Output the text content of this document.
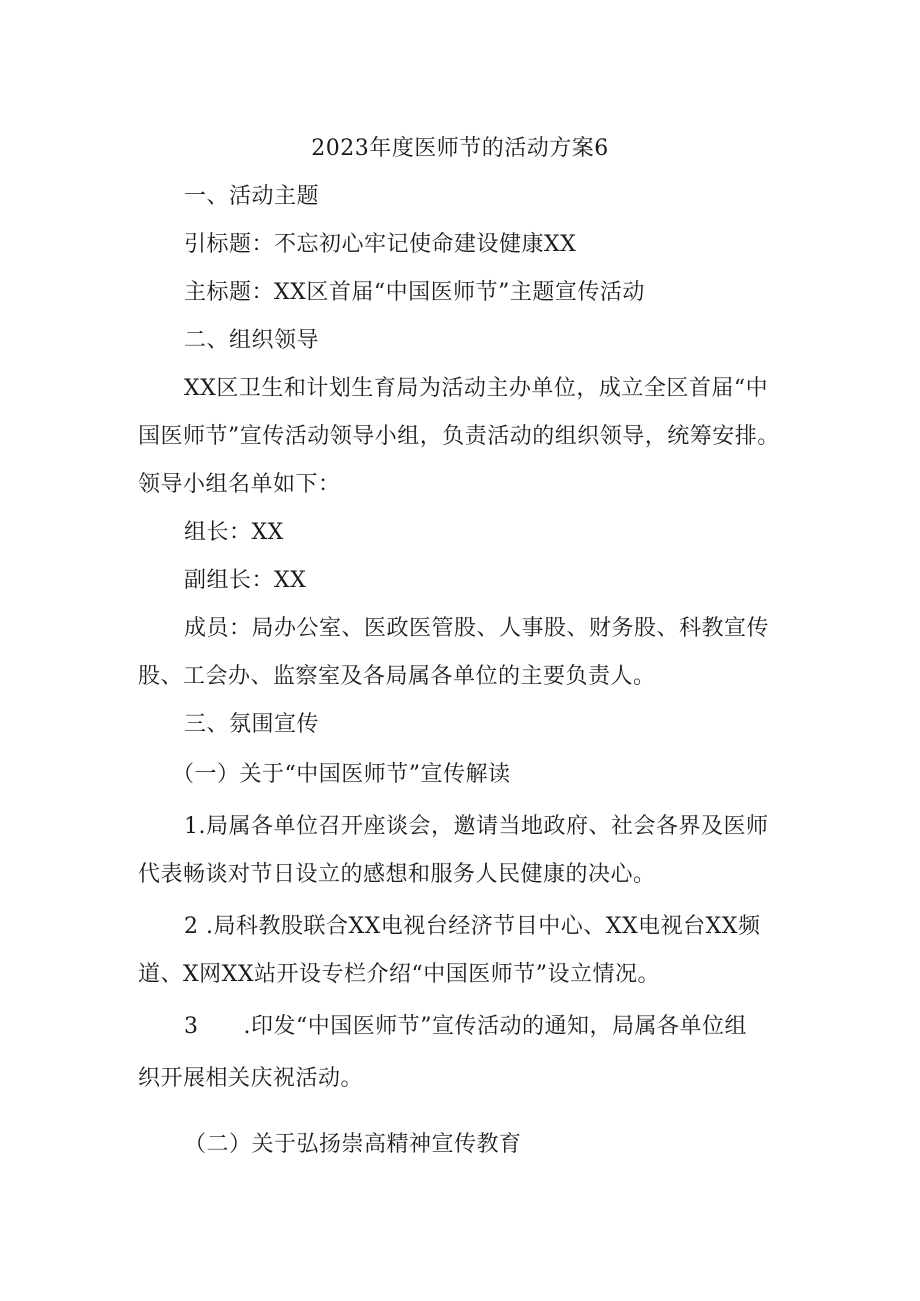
2023年度医师节的活动方案6
一、活动主题
引标题：不忘初心牢记使命建设健康XX
主标题：XX区首届“中国医师节”主题宣传活动
二、组织领导
XX区卫生和计划生育局为活动主办单位，成立全区首届“中
国医师节”宣传活动领导小组，负责活动的组织领导，统筹安排。
领导小组名单如下：
组长：XX
副组长：XX
成员：局办公室、医政医管股、人事股、财务股、科教宣传
股、工会办、监察室及各局属各单位的主要负责人。
三、氛围宣传
（一）关于“中国医师节”宣传解读
1.局属各单位召开座谈会，邀请当地政府、社会各界及医师
代表畅谈对节日设立的感想和服务人民健康的决心。
2 .局科教股联合XX电视台经济节目中心、XX电视台XX频
道、X网XX站开设专栏介绍“中国医师节”设立情况。
3　　.印发“中国医师节”宣传活动的通知，局属各单位组
织开展相关庆祝活动。
（二）关于弘扬崇高精神宣传教育
